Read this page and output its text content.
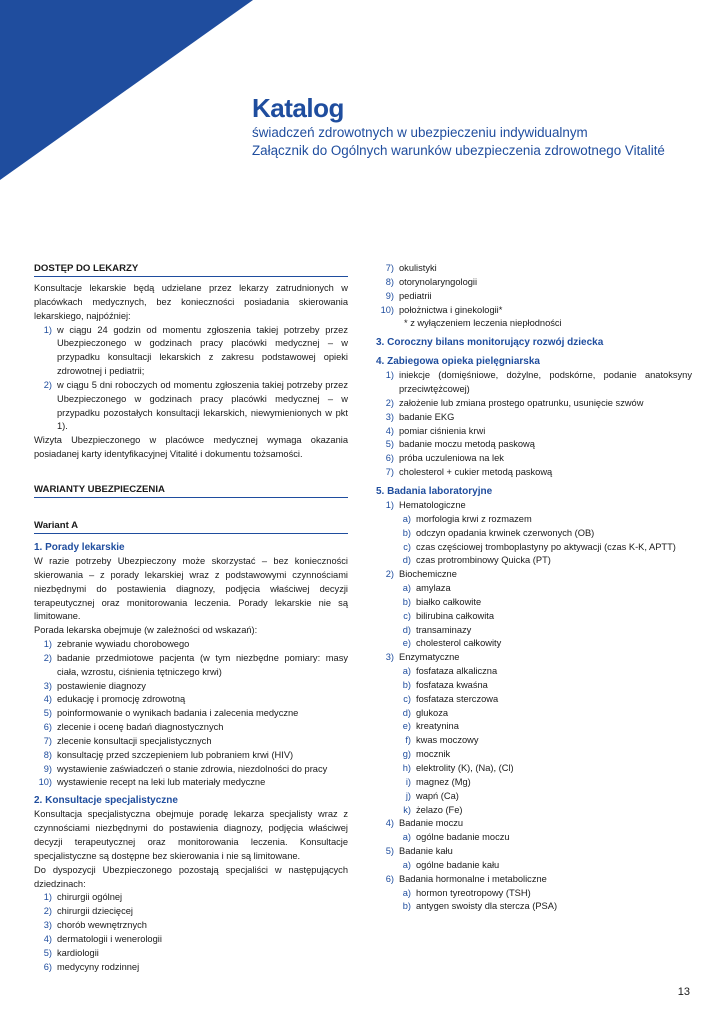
Katalog
świadczeń zdrowotnych w ubezpieczeniu indywidualnym
Załącznik do Ogólnych warunków ubezpieczenia zdrowotnego Vitalité
DOSTĘP DO LEKARZY
Konsultacje lekarskie będą udzielane przez lekarzy zatrudnionych w placówkach medycznych, bez konieczności posiadania skierowania lekarskiego, najpóźniej:
1) w ciągu 24 godzin od momentu zgłoszenia takiej potrzeby przez Ubezpieczonego w godzinach pracy placówki medycznej – w przypadku konsultacji lekarskich z zakresu podstawowej opieki zdrowotnej i pediatrii;
2) w ciągu 5 dni roboczych od momentu zgłoszenia takiej potrzeby przez Ubezpieczonego w godzinach pracy placówki medycznej – w przypadku pozostałych konsultacji lekarskich, niewymienionych w pkt 1).
Wizyta Ubezpieczonego w placówce medycznej wymaga okazania posiadanej karty identyfikacyjnej Vitalité i dokumentu tożsamości.
WARIANTY UBEZPIECZENIA
Wariant A
1. Porady lekarskie
W razie potrzeby Ubezpieczony może skorzystać – bez konieczności skierowania – z porady lekarskiej wraz z podstawowymi czynnościami niezbędnymi do postawienia diagnozy, podjęcia właściwej decyzji terapeutycznej oraz monitorowania leczenia. Porady lekarskie nie są limitowane.
Porada lekarska obejmuje (w zależności od wskazań):
1) zebranie wywiadu chorobowego
2) badanie przedmiotowe pacjenta (w tym niezbędne pomiary: masy ciała, wzrostu, ciśnienia tętniczego krwi)
3) postawienie diagnozy
4) edukację i promocję zdrowotną
5) poinformowanie o wynikach badania i zalecenia medyczne
6) zlecenie i ocenę badań diagnostycznych
7) zlecenie konsultacji specjalistycznych
8) konsultację przed szczepieniem lub pobraniem krwi (HIV)
9) wystawienie zaświadczeń o stanie zdrowia, niezdolności do pracy
10) wystawienie recept na leki lub materiały medyczne
2. Konsultacje specjalistyczne
Konsultacja specjalistyczna obejmuje poradę lekarza specjalisty wraz z czynnościami niezbędnymi do postawienia diagnozy, podjęcia właściwej decyzji terapeutycznej oraz monitorowania leczenia. Konsultacje specjalistyczne są dostępne bez skierowania i nie są limitowane.
Do dyspozycji Ubezpieczonego pozostają specjaliści w następujących dziedzinach:
1) chirurgii ogólnej
2) chirurgii dziecięcej
3) chorób wewnętrznych
4) dermatologii i wenerologii
5) kardiologii
6) medycyny rodzinnej
7) okulistyki
8) otorynolaryngologii
9) pediatrii
10) położnictwa i ginekologii*
* z wyłączeniem leczenia niepłodności
3. Coroczny bilans monitorujący rozwój dziecka
4. Zabiegowa opieka pielęgniarska
1) iniekcje (domięśniowe, dożylne, podskórne, podanie anatoksyny przeciwtężcowej)
2) założenie lub zmiana prostego opatrunku, usunięcie szwów
3) badanie EKG
4) pomiar ciśnienia krwi
5) badanie moczu metodą paskową
6) próba uczuleniowa na lek
7) cholesterol + cukier metodą paskową
5. Badania laboratoryjne
1) Hematologiczne
a) morfologia krwi z rozmazem
b) odczyn opadania krwinek czerwonych (OB)
c) czas częściowej tromboplastyny po aktywacji (czas K-K, APTT)
d) czas protrombinowy Quicka (PT)
2) Biochemiczne
a) amylaza
b) białko całkowite
c) bilirubina całkowita
d) transaminazy
e) cholesterol całkowity
3) Enzymatyczne
a) fosfataza alkaliczna
b) fosfataza kwaśna
c) fosfataza sterczowa
d) glukoza
e) kreatynina
f) kwas moczowy
g) mocznik
h) elektrolity (K), (Na), (Cl)
i) magnez (Mg)
j) wapń (Ca)
k) żelazo (Fe)
4) Badanie moczu
a) ogólne badanie moczu
5) Badanie kału
a) ogólne badanie kału
6) Badania hormonalne i metaboliczne
a) hormon tyreotropowy (TSH)
b) antygen swoisty dla stercza (PSA)
13
